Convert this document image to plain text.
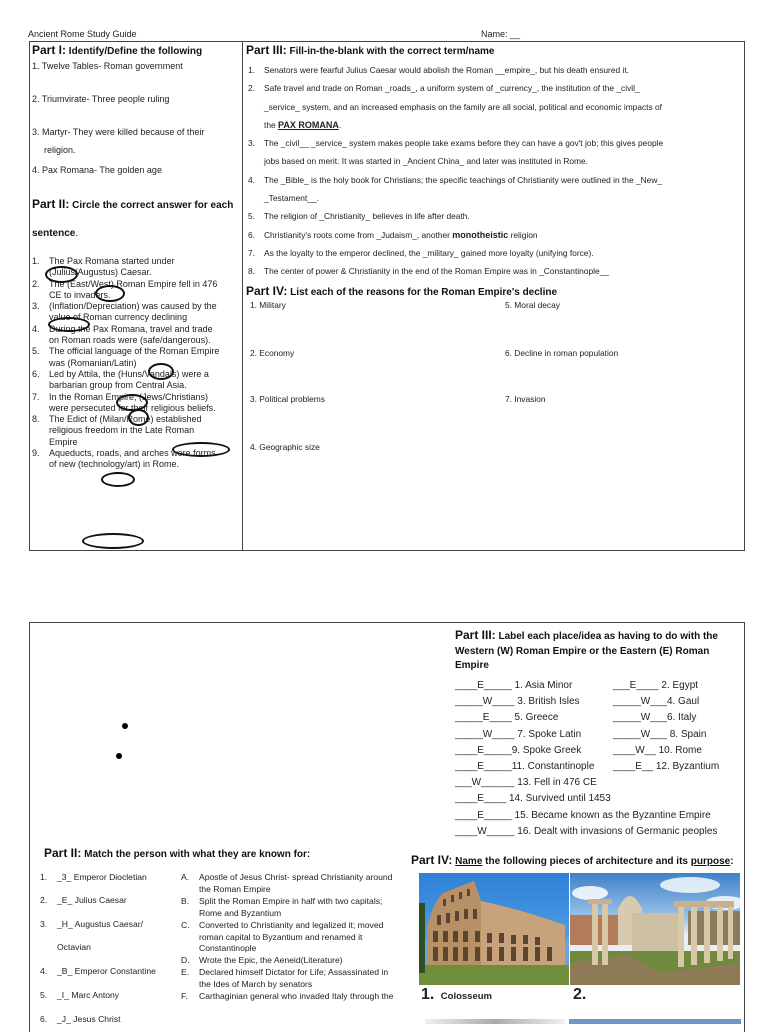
Ancient Rome Study Guide	Name: __
Part I: Identify/Define the following
1. Twelve Tables- Roman government
2. Triumvirate- Three people ruling
3. Martyr- They were killed because of their
religion.
4. Pax Romana- The golden age
Part II: Circle the correct answer for each
sentence.
1.	The Pax Romana started under
(Julius/Augustus) Caesar.
2.	The (East/West) Roman Empire fell in 476
CE to invaders.
3.	(Inflation/Depreciation) was caused by the
value of Roman currency declining
4.	During the Pax Romana, travel and trade
on Roman roads were (safe/dangerous).
5.	The official language of the Roman Empire
was (Romanian/Latin)
6.	Led by Attila, the (Huns/Vandals) were a
barbarian group from Central Asia.
7.	In the Roman Empire, (Jews/Christians)
were persecuted for their religious beliefs.
8.	The Edict of (Milan/Rome) established
religious freedom in the Late Roman
Empire
9.	Aqueducts, roads, and arches were forms
of new (technology/art) in Rome.
Part III: Fill-in-the-blank with the correct term/name
1.	Senators were fearful Julius Caesar would abolish the Roman __empire_, but his death ensured it.
2.	Safe travel and trade on Roman _roads_, a uniform system of _currency_, the institution of the _civil_
_service_ system, and an increased emphasis on the family are all social, political and economic impacts of
the PAX ROMANA.
3.	The _civil__ _service_ system makes people take exams before they can have a gov't job; this gives people
jobs based on merit. It was started in _Ancient China_ and later was instituted in Rome.
4.	The _Bible_ is the holy book for Christians; the specific teachings of Christianity were outlined in the _New_
_Testament__.
5.	The religion of _Christianity_ believes in life after death.
6.	Christianity's roots come from _Judaism_, another monotheistic religion
7.	As the loyalty to the emperor declined, the _military_ gained more loyalty (unifying force).
8.	The center of power & Christianity in the end of the Roman Empire was in _Constantinople__
Part IV: List each of the reasons for the Roman Empire's decline
1. Military
2. Economy
3. Political problems
4. Geographic size
5. Moral decay
6. Decline in roman population
7. Invasion
Part III: Label each place/idea as having to do with the Western (W) Roman Empire or the Eastern (E) Roman Empire
____E_____ 1. Asia Minor	___E____ 2. Egypt
_____W____ 3. British Isles	_____W___4. Gaul
_____E____ 5. Greece	_____W___6. Italy
_____W____ 7. Spoke Latin	_____W___ 8. Spain
____E_____9. Spoke Greek	____W__ 10. Rome
____E_____11. Constantinople	____E__ 12. Byzantium
___W______ 13. Fell in 476 CE
____E____ 14. Survived until 1453
____E_____ 15. Became known as the Byzantine Empire
____W_____ 16. Dealt with invasions of Germanic peoples
Part II: Match the person with what they are known for:
1. _3_ Emperor Diocletian
2. _E_ Julius Caesar
3. _H_ Augustus Caesar/
Octavian
4. _B_ Emperor Constantine
5. _I_ Marc Antony
6. _J_ Jesus Christ
A.	Apostle of Jesus Christ- spread Christianity around
the Roman Empire
B.	Split the Roman Empire in half with two capitals;
Rome and Byzantium
C.	Converted to Christianity and legalized it; moved
roman capital to Byzantium and renamed it
Constantinople
D.	Wrote the Epic, the Aeneid(Literature)
E.	Declared himself Dictator for Life; Assassinated in
the Ides of March by senators
F.	Carthaginian general who invaded Italy through the
Part IV: Name the following pieces of architecture and its purpose:
1. Colosseum	2.
